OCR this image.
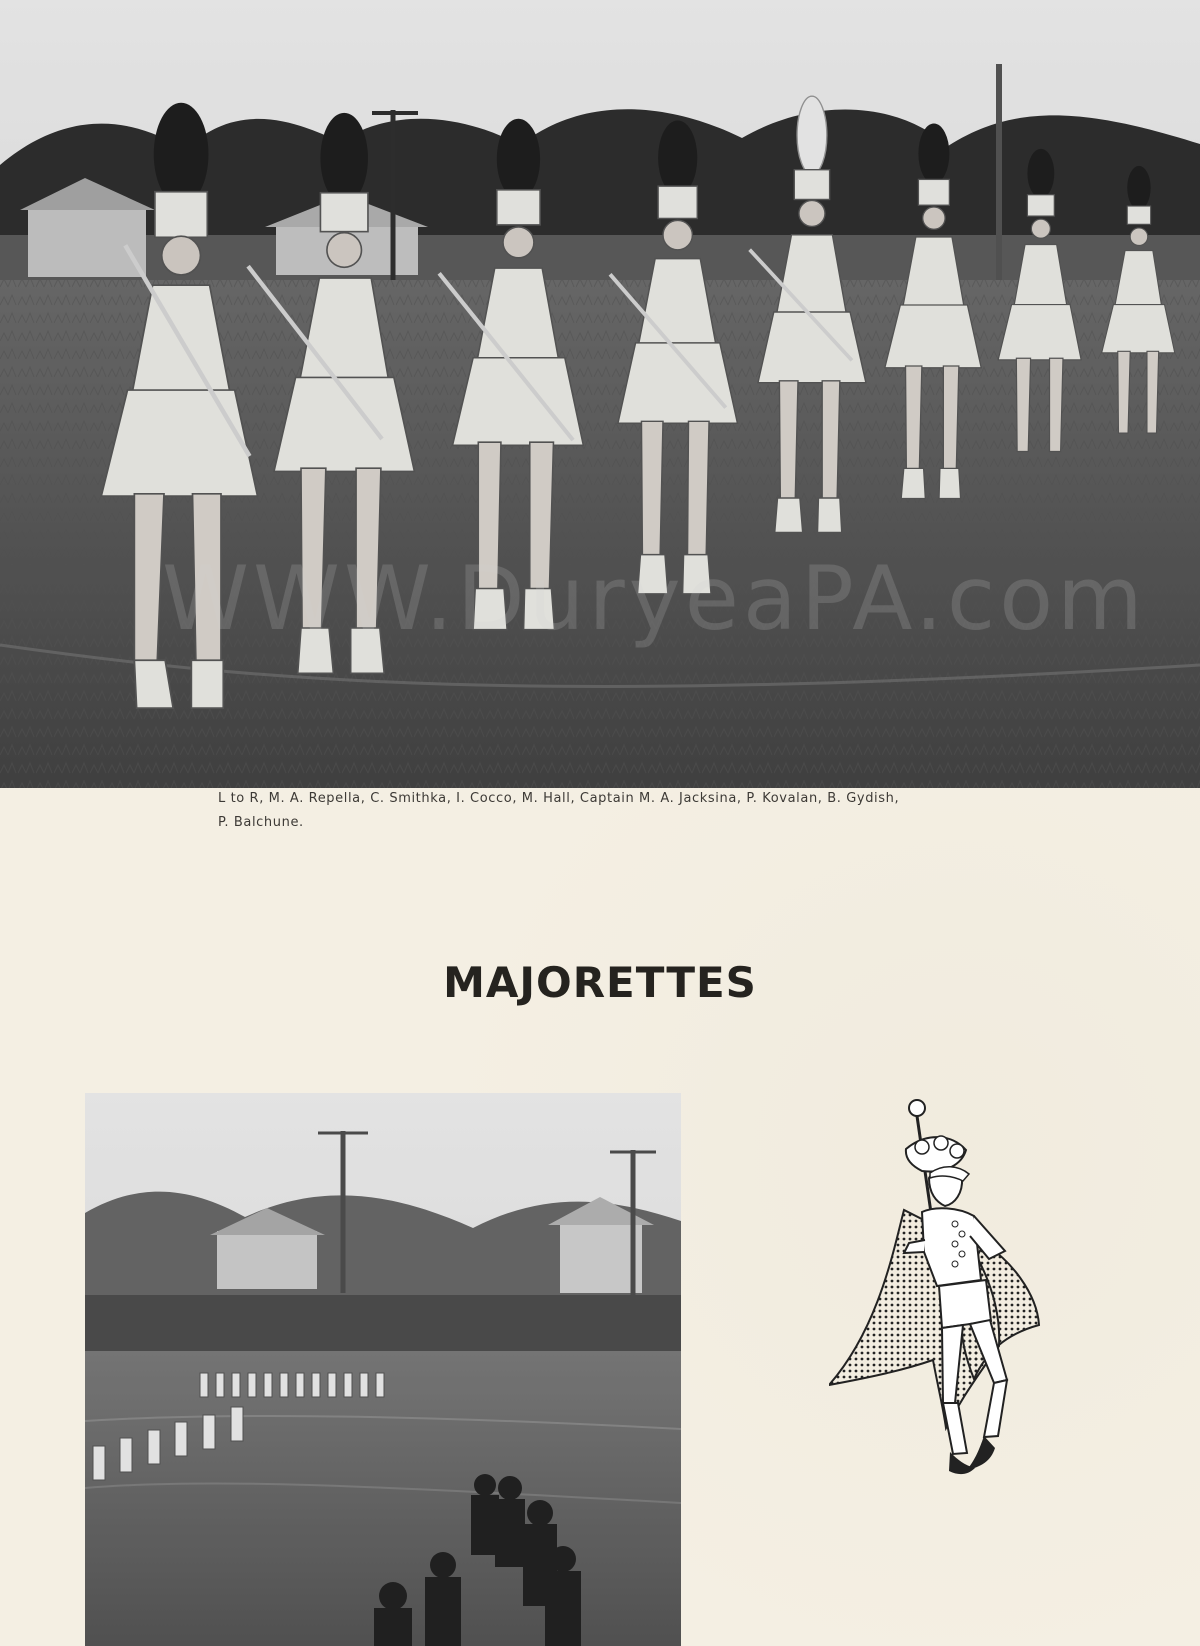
L to R, M. A. Repella, C. Smithka, I. Cocco, M. Hall, Captain M. A. Jacksina, P. Kovalan, B. Gydish,
P. Balchune.
MAJORETTES
